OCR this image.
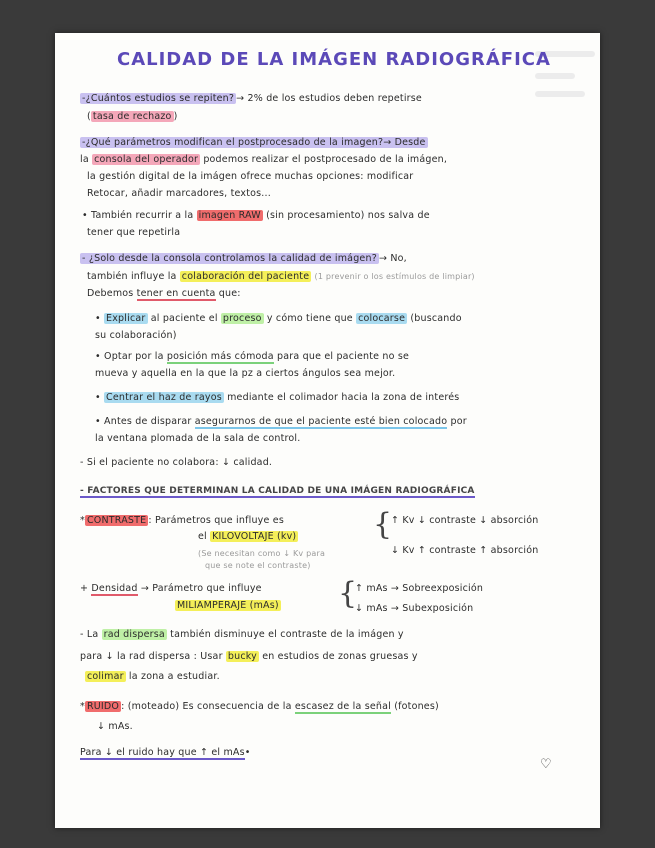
CALIDAD DE LA IMÁGEN RADIOGRÁFICA
-¿Cuántos estudios se repiten? → 2% de los estudios deben repetirse
( tasa de rechazo )
-¿Qué parámetros modifican el postprocesado de la imagen?→ Desde
la consola del operador podemos realizar el postprocesado de la imágen,
la gestión digital de la imágen ofrece muchas opciones: modificar
Retocar, añadir marcadores, textos...
• También recurrir a la imagen RAW (sin procesamiento) nos salva de
tener que repetirla
- ¿Solo desde la consola controlamos la calidad de imágen? → No,
también influye la colaboración del paciente (1 prevenir o los estímulos de limpiar)
Debemos tener en cuenta que:
• Explicar al paciente el proceso y cómo tiene que colocarse (buscando
su colaboración)
• Optar por la posición más cómoda para que el paciente no se
mueva y aquella en la que la pz a ciertos ángulos sea mejor.
• Centrar el haz de rayos mediante el colimador hacia la zona de interés
• Antes de disparar asegurarnos de que el paciente esté bien colocado por
la ventana plomada de la sala de control.
- Si el paciente no colabora: ↓ calidad.
- FACTORES QUE DETERMINAN LA CALIDAD DE UNA IMÁGEN RADIOGRÁFICA
* CONTRASTE : Parámetros que influye es	↑ Kv ↓ contraste ↓ absorción
{
el KILOVOLTAJE (kv)
(Se necesitan como ↓ Kv para	↓ Kv ↑ contraste ↑ absorción
que se note el contraste)
+ Densidad → Parámetro que influye	{
↑ mAs → Sobreexposición
MILIAMPERAJE (mAs)	↓ mAs → Subexposición
- La rad dispersa también disminuye el contraste de la imágen y
para ↓ la rad dispersa : Usar bucky en estudios de zonas gruesas y
colimar la zona a estudiar.
* RUIDO : (moteado) Es consecuencia de la escasez de la señal (fotones)
↓ mAs.
Para ↓ el ruido hay que ↑ el mAs•
♡
